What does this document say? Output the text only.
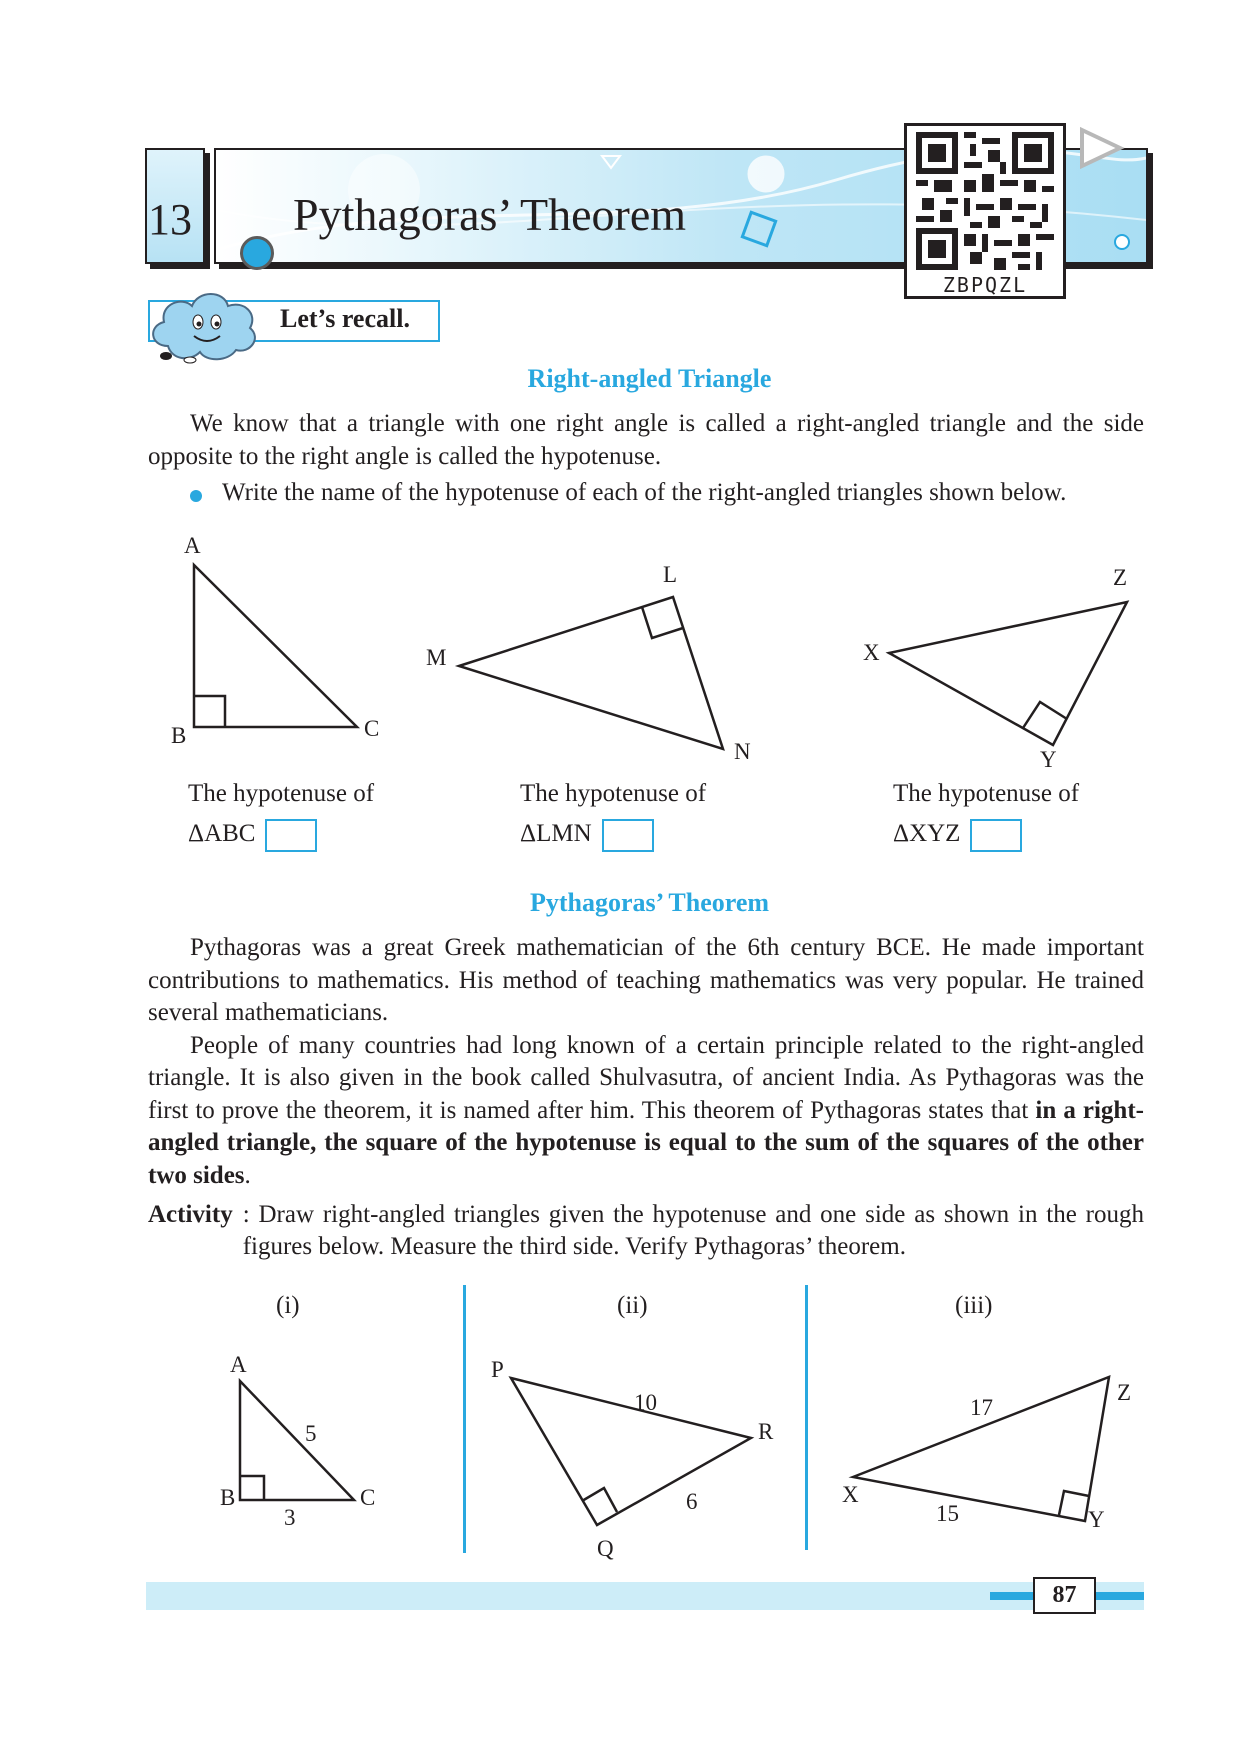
13 Pythagoras’ Theorem
ZBPQZL
Let’s recall.
Right-angled Triangle

We know that a triangle with one right angle is called a right-angled triangle and the side opposite to the right angle is called the hypotenuse.

Write the name of the hypotenuse of each of the right-angled triangles shown below.
A
B	C
L
M
N
Z
X
Y
The hypotenuse of
ΔABC
The hypotenuse of
ΔLMN
The hypotenuse of
ΔXYZ
Pythagoras’ Theorem

Pythagoras was a great Greek mathematician of the 6th century BCE. He made important contributions to mathematics. His method of teaching mathematics was very popular. He trained several mathematicians.

People of many countries had long known of a certain principle related to the right-angled triangle. It is also given in the book called Shulvasutra, of ancient India. As Pythagoras was the first to prove the theorem, it is named after him. This theorem of Pythagoras states that in a right-angled triangle, the square of the hypotenuse is equal to the sum of the squares of the other two sides.

Activity : Draw right-angled triangles given the hypotenuse and one side as shown in the rough figures below. Measure the third side. Verify Pythagoras’ theorem.
(i)	(ii)	(iii)
A
B	C
5
3
P
R
Q
10
6
Z
X
Y
17
15
87
